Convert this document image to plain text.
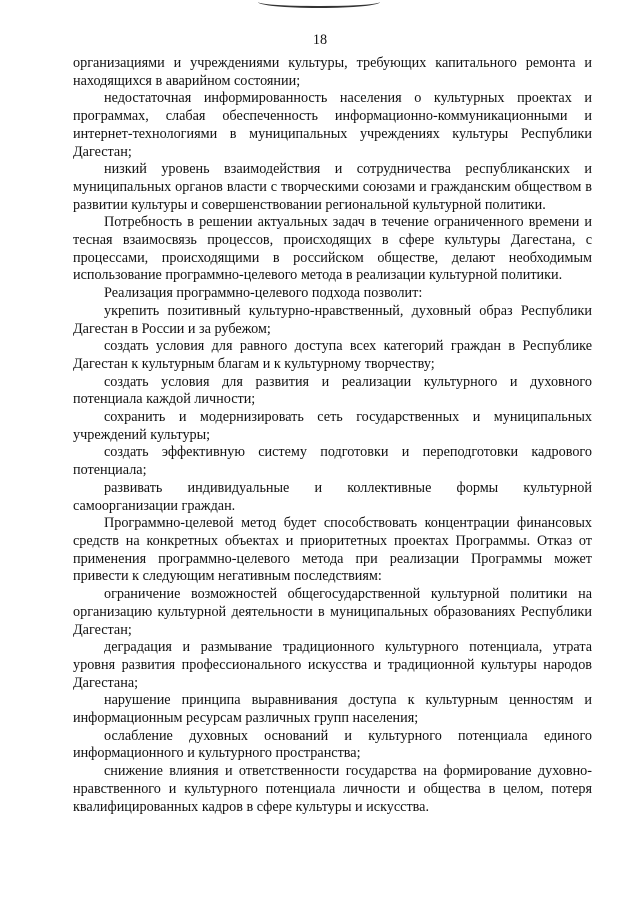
18

организациями и учреждениями культуры, требующих капитального ремонта и находящихся в аварийном состоянии;

недостаточная информированность населения о культурных проектах и программах, слабая обеспеченность информационно-коммуникационными и интернет-технологиями в муниципальных учреждениях культуры Республики Дагестан;

низкий уровень взаимодействия и сотрудничества республиканских и муниципальных органов власти с творческими союзами и гражданским обществом в развитии культуры и совершенствовании региональной культурной политики.

Потребность в решении актуальных задач в течение ограниченного времени и тесная взаимосвязь процессов, происходящих в сфере культуры Дагестана, с процессами, происходящими в российском обществе, делают необходимым использование программно-целевого метода в реализации культурной политики.

Реализация программно-целевого подхода позволит:

укрепить позитивный культурно-нравственный, духовный образ Республики Дагестан в России и за рубежом;

создать условия для равного доступа всех категорий граждан в Республике Дагестан к культурным благам и к культурному творчеству;

создать условия для развития и реализации культурного и духовного потенциала каждой личности;

сохранить и модернизировать сеть государственных и муниципальных учреждений культуры;

создать эффективную систему подготовки и переподготовки кадрового потенциала;

развивать индивидуальные и коллективные формы культурной самоорганизации граждан.

Программно-целевой метод будет способствовать концентрации финансовых средств на конкретных объектах и приоритетных проектах Программы. Отказ от применения программно-целевого метода при реализации Программы может привести к следующим негативным последствиям:

ограничение возможностей общегосударственной культурной политики на организацию культурной деятельности в муниципальных образованиях Республики Дагестан;

деградация и размывание традиционного культурного потенциала, утрата уровня развития профессионального искусства и традиционной культуры народов Дагестана;

нарушение принципа выравнивания доступа к культурным ценностям и информационным ресурсам различных групп населения;

ослабление духовных оснований и культурного потенциала единого информационного и культурного пространства;

снижение влияния и ответственности государства на формирование духовно-нравственного и культурного потенциала личности и общества в целом, потеря квалифицированных кадров в сфере культуры и искусства.
